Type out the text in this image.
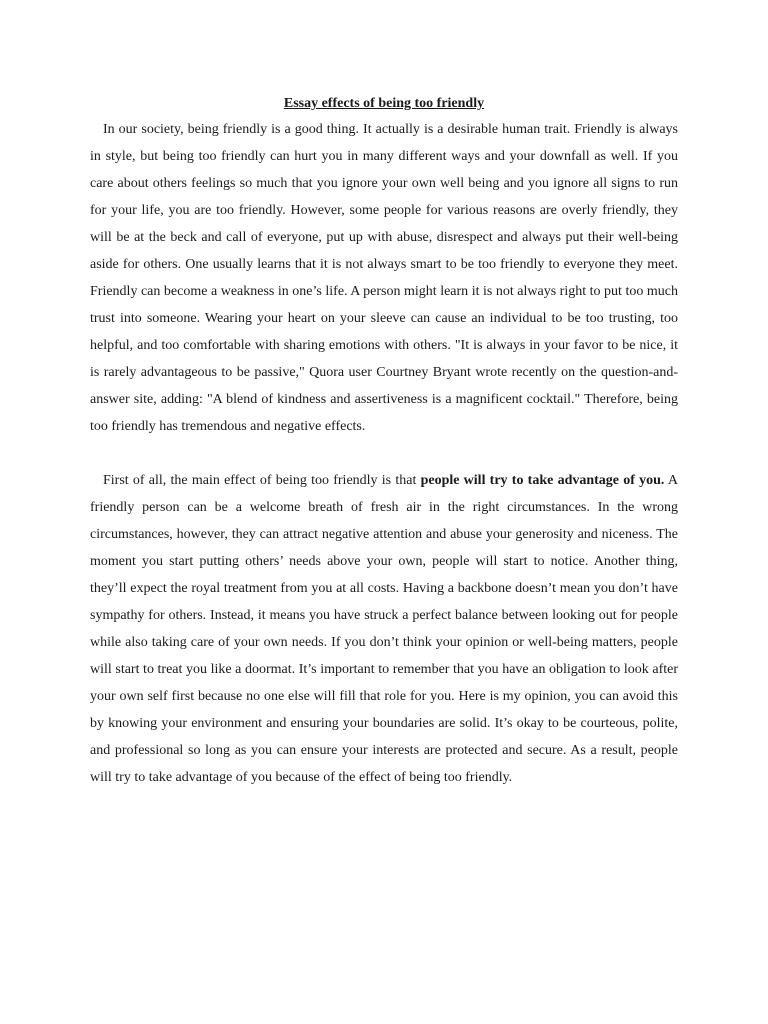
Essay effects of being too friendly

In our society, being friendly is a good thing. It actually is a desirable human trait. Friendly is always in style, but being too friendly can hurt you in many different ways and your downfall as well. If you care about others feelings so much that you ignore your own well being and you ignore all signs to run for your life, you are too friendly. However, some people for various reasons are overly friendly, they will be at the beck and call of everyone, put up with abuse, disrespect and always put their well-being aside for others. One usually learns that it is not always smart to be too friendly to everyone they meet. Friendly can become a weakness in one’s life. A person might learn it is not always right to put too much trust into someone. Wearing your heart on your sleeve can cause an individual to be too trusting, too helpful, and too comfortable with sharing emotions with others. "It is always in your favor to be nice, it is rarely advantageous to be passive," Quora user Courtney Bryant wrote recently on the question-and-answer site, adding: "A blend of kindness and assertiveness is a magnificent cocktail." Therefore, being too friendly has tremendous and negative effects.

First of all, the main effect of being too friendly is that people will try to take advantage of you. A friendly person can be a welcome breath of fresh air in the right circumstances. In the wrong circumstances, however, they can attract negative attention and abuse your generosity and niceness. The moment you start putting others’ needs above your own, people will start to notice. Another thing, they’ll expect the royal treatment from you at all costs. Having a backbone doesn’t mean you don’t have sympathy for others. Instead, it means you have struck a perfect balance between looking out for people while also taking care of your own needs. If you don’t think your opinion or well-being matters, people will start to treat you like a doormat. It’s important to remember that you have an obligation to look after your own self first because no one else will fill that role for you. Here is my opinion, you can avoid this by knowing your environment and ensuring your boundaries are solid. It’s okay to be courteous, polite, and professional so long as you can ensure your interests are protected and secure. As a result, people will try to take advantage of you because of the effect of being too friendly.
